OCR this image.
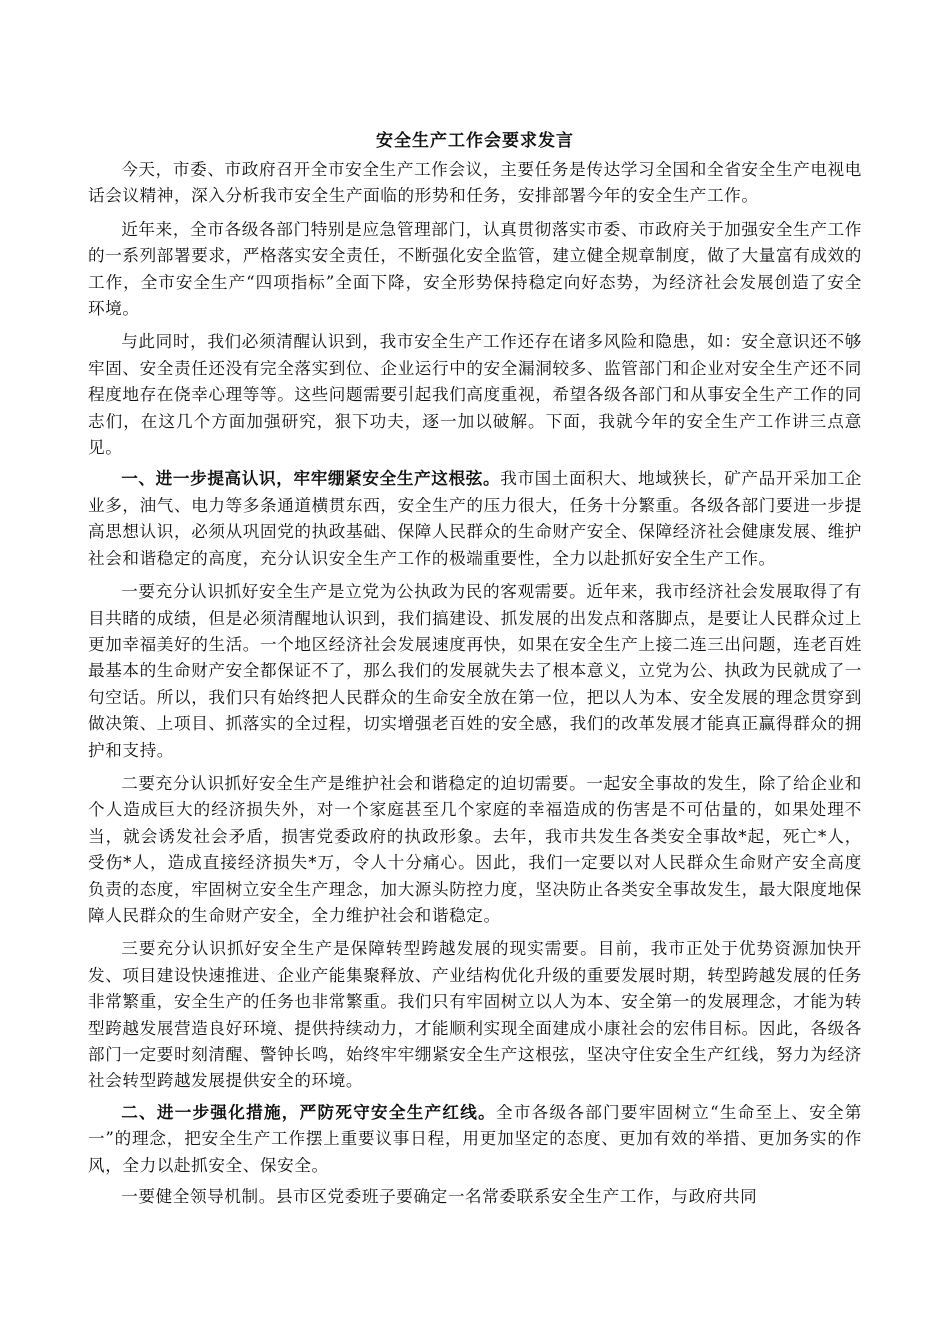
安全生产工作会要求发言

今天，市委、市政府召开全市安全生产工作会议，主要任务是传达学习全国和全省安全生产电视电话会议精神，深入分析我市安全生产面临的形势和任务，安排部署今年的安全生产工作。

近年来，全市各级各部门特别是应急管理部门，认真贯彻落实市委、市政府关于加强安全生产工作的一系列部署要求，严格落实安全责任，不断强化安全监管，建立健全规章制度，做了大量富有成效的工作，全市安全生产“四项指标”全面下降，安全形势保持稳定向好态势，为经济社会发展创造了安全环境。

与此同时，我们必须清醒认识到，我市安全生产工作还存在诸多风险和隐患，如：安全意识还不够牢固、安全责任还没有完全落实到位、企业运行中的安全漏洞较多、监管部门和企业对安全生产还不同程度地存在侥幸心理等等。这些问题需要引起我们高度重视，希望各级各部门和从事安全生产工作的同志们，在这几个方面加强研究，狠下功夫，逐一加以破解。下面，我就今年的安全生产工作讲三点意见。

一、进一步提高认识，牢牢绷紧安全生产这根弦。我市国土面积大、地域狭长，矿产品开采加工企业多，油气、电力等多条通道横贯东西，安全生产的压力很大，任务十分繁重。各级各部门要进一步提高思想认识，必须从巩固党的执政基础、保障人民群众的生命财产安全、保障经济社会健康发展、维护社会和谐稳定的高度，充分认识安全生产工作的极端重要性，全力以赴抓好安全生产工作。

一要充分认识抓好安全生产是立党为公执政为民的客观需要。近年来，我市经济社会发展取得了有目共睹的成绩，但是必须清醒地认识到，我们搞建设、抓发展的出发点和落脚点，是要让人民群众过上更加幸福美好的生活。一个地区经济社会发展速度再快，如果在安全生产上接二连三出问题，连老百姓最基本的生命财产安全都保证不了，那么我们的发展就失去了根本意义，立党为公、执政为民就成了一句空话。所以，我们只有始终把人民群众的生命安全放在第一位，把以人为本、安全发展的理念贯穿到做决策、上项目、抓落实的全过程，切实增强老百姓的安全感，我们的改革发展才能真正赢得群众的拥护和支持。

二要充分认识抓好安全生产是维护社会和谐稳定的迫切需要。一起安全事故的发生，除了给企业和个人造成巨大的经济损失外，对一个家庭甚至几个家庭的幸福造成的伤害是不可估量的，如果处理不当，就会诱发社会矛盾，损害党委政府的执政形象。去年，我市共发生各类安全事故*起，死亡*人，受伤*人，造成直接经济损失*万，令人十分痛心。因此，我们一定要以对人民群众生命财产安全高度负责的态度，牢固树立安全生产理念，加大源头防控力度，坚决防止各类安全事故发生，最大限度地保障人民群众的生命财产安全，全力维护社会和谐稳定。

三要充分认识抓好安全生产是保障转型跨越发展的现实需要。目前，我市正处于优势资源加快开发、项目建设快速推进、企业产能集聚释放、产业结构优化升级的重要发展时期，转型跨越发展的任务非常繁重，安全生产的任务也非常繁重。我们只有牢固树立以人为本、安全第一的发展理念，才能为转型跨越发展营造良好环境、提供持续动力，才能顺利实现全面建成小康社会的宏伟目标。因此，各级各部门一定要时刻清醒、警钟长鸣，始终牢牢绷紧安全生产这根弦，坚决守住安全生产红线，努力为经济社会转型跨越发展提供安全的环境。

二、进一步强化措施，严防死守安全生产红线。全市各级各部门要牢固树立“生命至上、安全第一”的理念，把安全生产工作摆上重要议事日程，用更加坚定的态度、更加有效的举措、更加务实的作风，全力以赴抓安全、保安全。

一要健全领导机制。县市区党委班子要确定一名常委联系安全生产工作，与政府共同
